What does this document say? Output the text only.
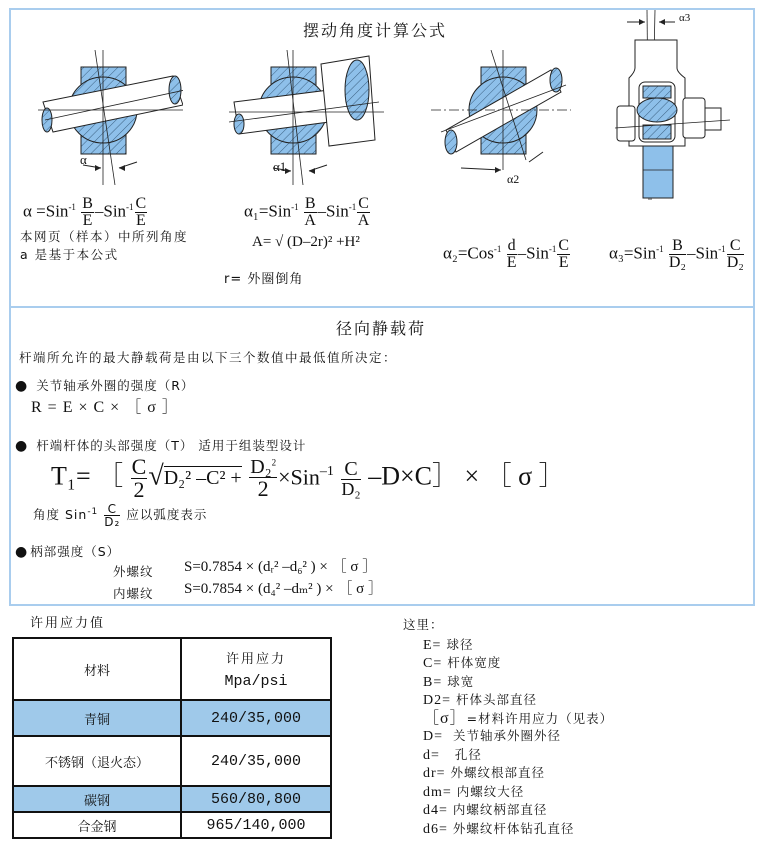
摆动角度计算公式
α	α1
α2
α3
$\alpha =Sin^{-1} \frac{B}{E} -Sin^{-1} \frac{C}{E}$
本网页（样本）中所列角度
a 是基于本公式
$\alpha_1=Sin^{-1} \frac{B}{A} -Sin^{-1} \frac{C}{A}$
A= √ (D–2r)² +H²
r= 外圈倒角
$\alpha_2=Cos^{-1} \frac{d}{E} -Sin^{-1} \frac{C}{E} \alpha_3=Sin^{-1} \frac{B}{\text{D₂}} -Sin^{-1} \frac{C}{\text{D₂}}$
径向静载荷
杆端所允许的最大静载荷是由以下三个数值中最低值所决定：
● 关节轴承外圈的强度（R）
R = E × C × ［ σ ］
● 杆端杆体的头部强度（T） 适用于组装型设计
T₁= ［ $\frac{C}{2} √D_2^2$ $-C^2 + \frac{D_2^2}{2} \times Sin^{-1} \frac{C}{\text{D₂}}$ –D×C］ × ［ σ ］
角度 $Sin^{-1} \frac{C}{\text{D₂}}$ 应以弧度表示
● 柄部强度（S）
外螺纹 S=0.7854 × (dᵣ² –d₆² ) × ［ σ ］
内螺纹 S=0.7854 × (d₄² –dₘ² ) × ［ σ ］
许用应力值
材料	许用应力
Mpa/psi

青铜	240/35,000
不锈钢（退火态）	240/35,000
碳钢	560/80,800
合金钢	965/140,000
这里：
E= 球径
C= 杆体宽度
B= 球宽
D2= 杆体头部直径
［σ］=材料许用应力（见表）
D= 关节轴承外圈外径
d= 孔径
dr= 外螺纹根部直径
dm= 内螺纹大径
d4= 内螺纹柄部直径
d6= 外螺纹杆体钻孔直径
